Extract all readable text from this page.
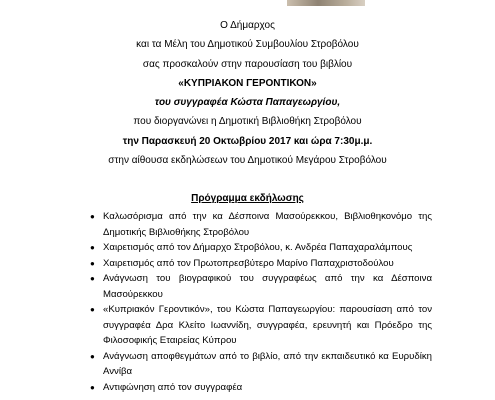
Ο Δήμαρχος
και τα Μέλη του Δημοτικού Συμβουλίου Στροβόλου
σας προσκαλούν στην παρουσίαση του βιβλίου
«ΚΥΠΡΙΑΚΟΝ ΓΕΡΟΝΤΙΚΟΝ»
του συγγραφέα Κώστα Παπαγεωργίου,
που διοργανώνει η Δημοτική Βιβλιοθήκη Στροβόλου
την Παρασκευή 20 Οκτωβρίου 2017 και ώρα 7:30μ.μ.
στην αίθουσα εκδηλώσεων του Δημοτικού Μεγάρου Στροβόλου
Πρόγραμμα εκδήλωσης
●
Καλωσόρισμα από την κα Δέσποινα Μασούρεκκου, Βιβλιοθηκονόμο της Δημοτικής Βιβλιοθήκης Στροβόλου
●
Χαιρετισμός από τον Δήμαρχο Στροβόλου, κ. Ανδρέα Παπαχαραλάμπους
●
Χαιρετισμός από τον Πρωτοπρεσβύτερο Μαρίνο Παπαχριστοδούλου
●
Ανάγνωση του βιογραφικού του συγγραφέως από την κα Δέσποινα Μασούρεκκου
●
«Κυπριακόν Γεροντικόν», του Κώστα Παπαγεωργίου: παρουσίαση από τον συγγραφέα Δρα Κλείτο Ιωαννίδη, συγγραφέα, ερευνητή και Πρόεδρο της Φιλοσοφικής Εταιρείας Κύπρου
●
Ανάγνωση αποφθεγμάτων από το βιβλίο, από την εκπαιδευτικό κα Ευρυδίκη Αννίβα
●
Αντιφώνηση από τον συγγραφέα
